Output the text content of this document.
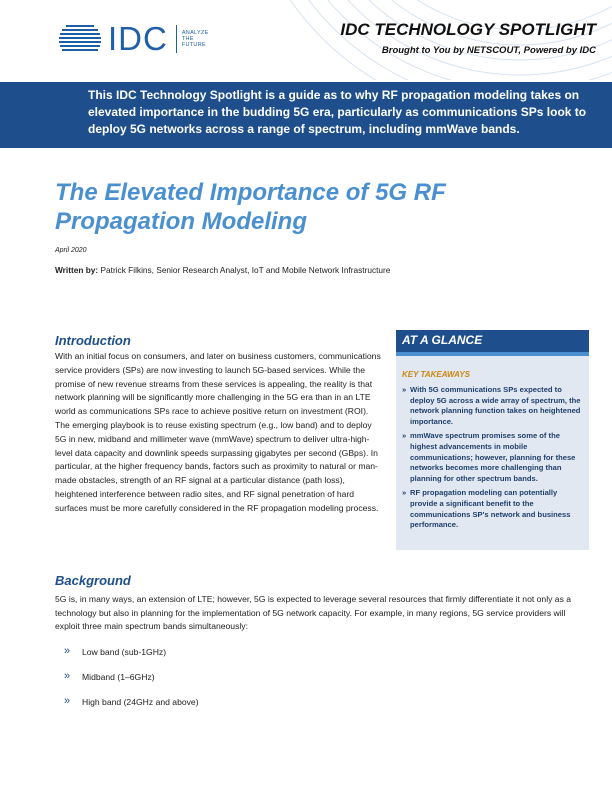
IDC	ANALYZE
THE
FUTURE
IDC TECHNOLOGY SPOTLIGHT
Brought to You by NETSCOUT, Powered by IDC
This IDC Technology Spotlight is a guide as to why RF propagation modeling takes on elevated importance in the budding 5G era, particularly as communications SPs look to deploy 5G networks across a range of spectrum, including mmWave bands.
The Elevated Importance of 5G RF Propagation Modeling
April 2020
Written by: Patrick Filkins, Senior Research Analyst, IoT and Mobile Network Infrastructure
Introduction
With an initial focus on consumers, and later on business customers, communications service providers (SPs) are now investing to launch 5G-based services. While the promise of new revenue streams from these services is appealing, the reality is that network planning will be significantly more challenging in the 5G era than in an LTE world as communications SPs race to achieve positive return on investment (ROI). The emerging playbook is to reuse existing spectrum (e.g., low band) and to deploy 5G in new, midband and millimeter wave (mmWave) spectrum to deliver ultra-high-level data capacity and downlink speeds surpassing gigabytes per second (GBps). In particular, at the higher frequency bands, factors such as proximity to natural or man-made obstacles, strength of an RF signal at a particular distance (path loss), heightened interference between radio sites, and RF signal penetration of hard surfaces must be more carefully considered in the RF propagation modeling process.
AT A GLANCE
KEY TAKEAWAYS
» With 5G communications SPs expected to deploy 5G across a wide array of spectrum, the network planning function takes on heightened importance.
» mmWave spectrum promises some of the highest advancements in mobile communications; however, planning for these networks becomes more challenging than planning for other spectrum bands.
» RF propagation modeling can potentially provide a significant benefit to the communications SP's network and business performance.
Background
5G is, in many ways, an extension of LTE; however, 5G is expected to leverage several resources that firmly differentiate it not only as a technology but also in planning for the implementation of 5G network capacity. For example, in many regions, 5G service providers will exploit three main spectrum bands simultaneously:
» Low band (sub-1GHz)
» Midband (1–6GHz)
» High band (24GHz and above)
